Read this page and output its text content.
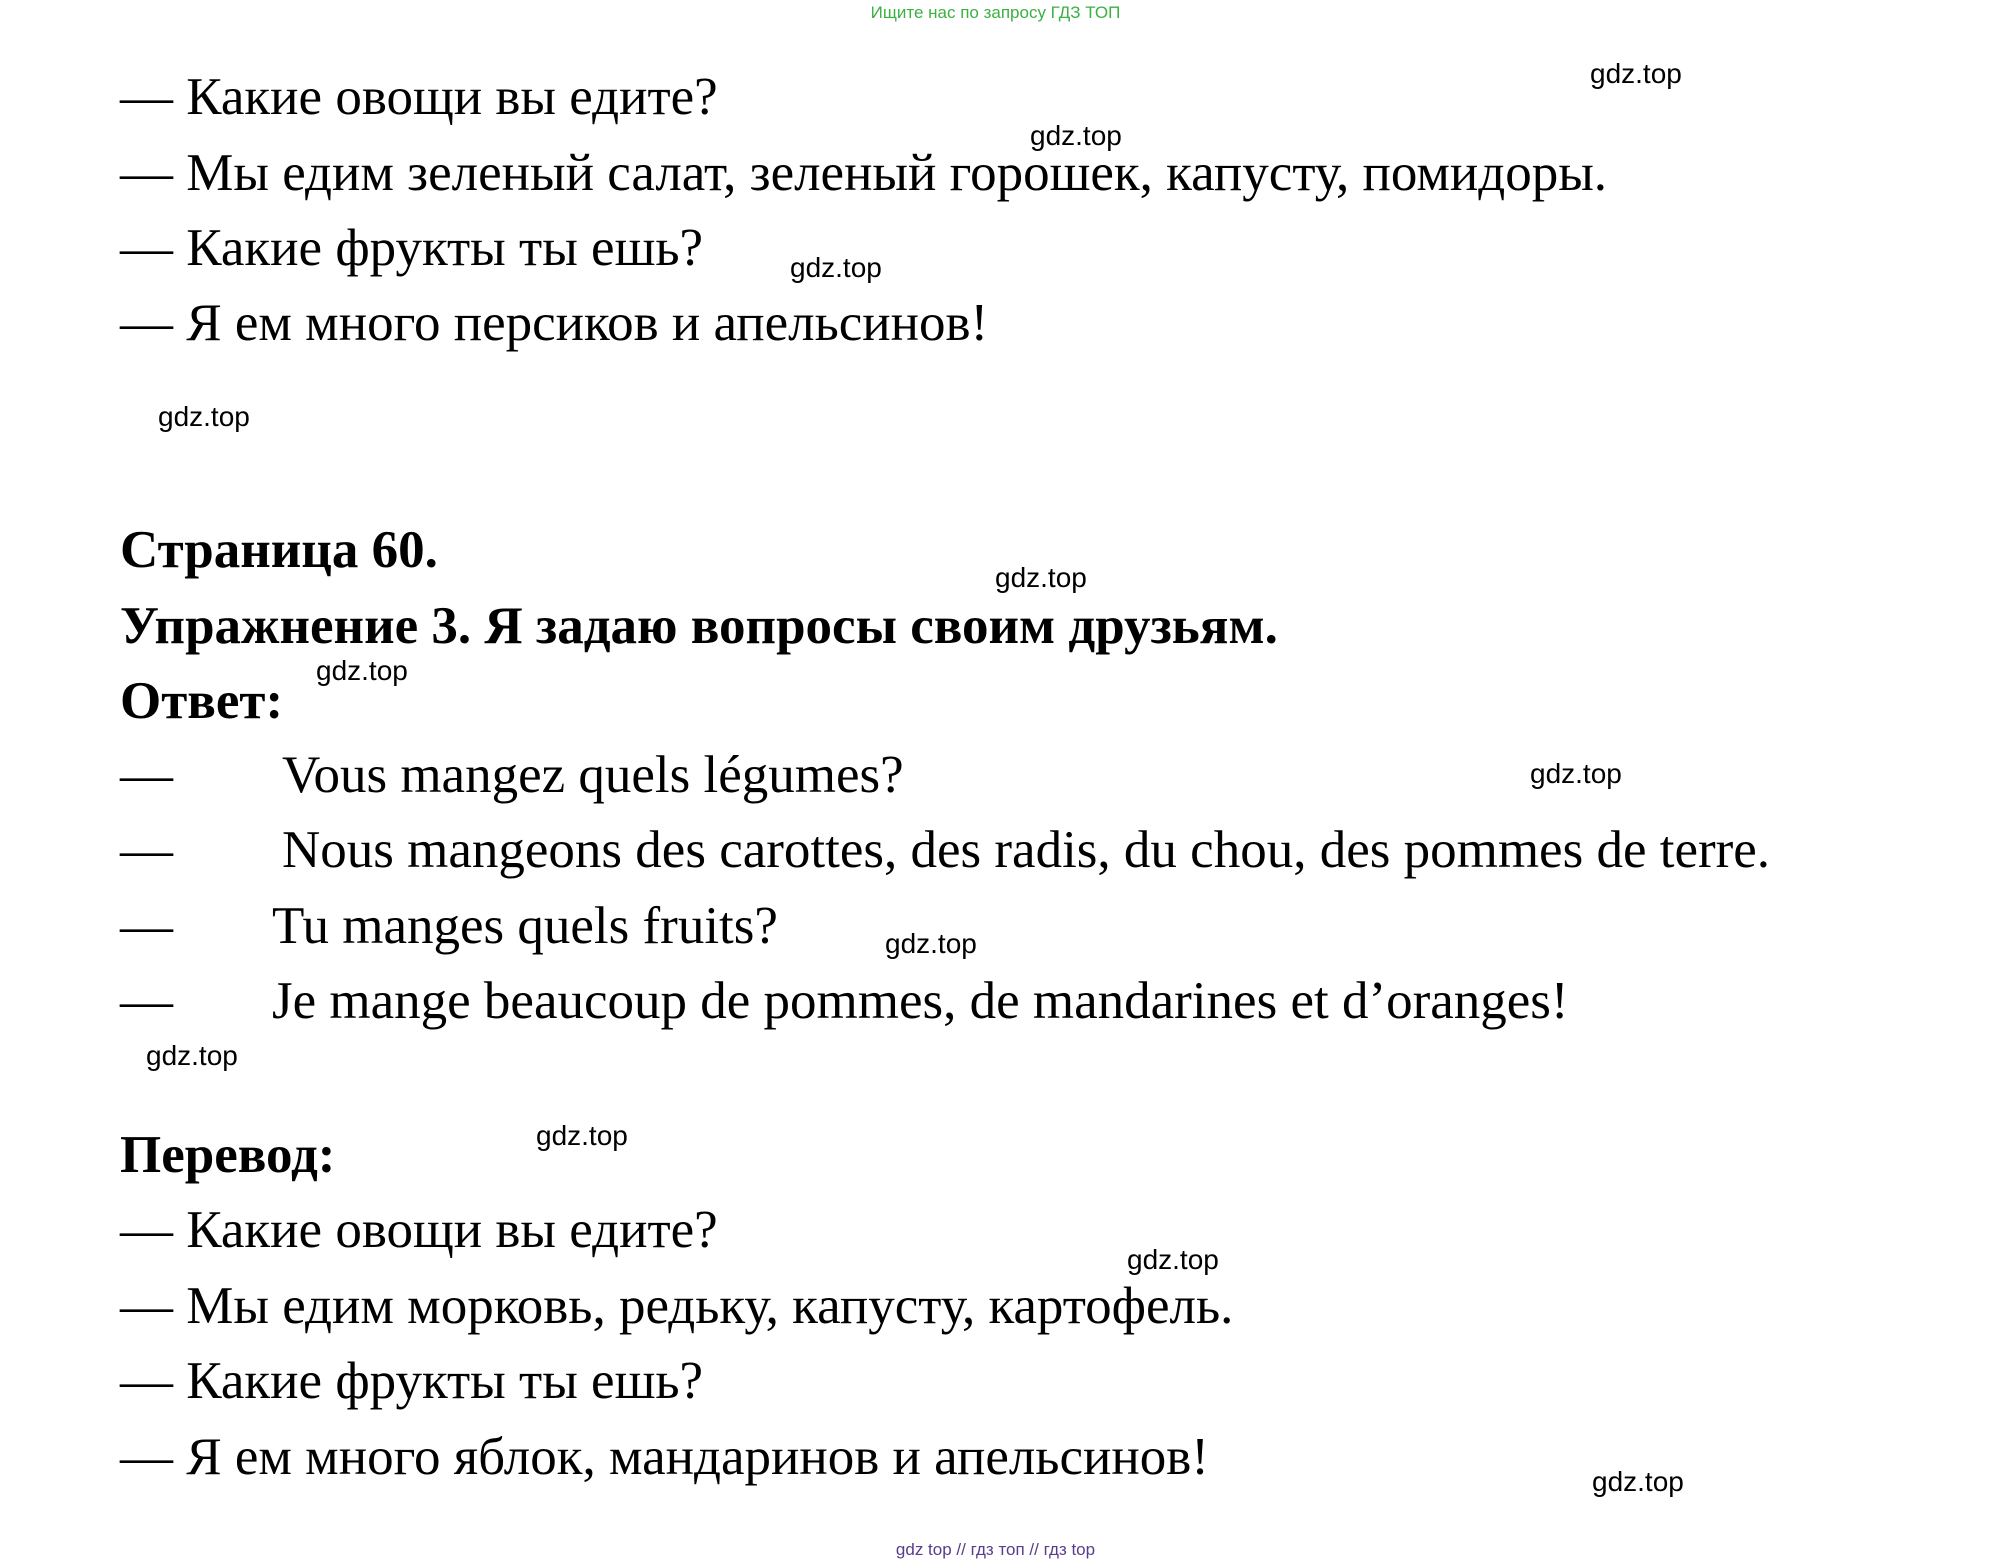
Ищите нас по запросу ГДЗ ТОП
— Какие овощи вы едите?
— Мы едим зеленый салат, зеленый горошек, капусту, помидоры.
— Какие фрукты ты ешь?
— Я ем много персиков и апельсинов!
Страница 60.
Упражнение 3. Я задаю вопросы своим друзьям.
Ответ:
— Vous mangez quels légumes?
— Nous mangeons des carottes, des radis, du chou, des pommes de terre.
— Tu manges quels fruits?
— Je mange beaucoup de pommes, de mandarines et d’oranges!
Перевод:
— Какие овощи вы едите?
— Мы едим морковь, редьку, капусту, картофель.
— Какие фрукты ты ешь?
— Я ем много яблок, мандаринов и апельсинов!
gdz.top
gdz.top
gdz.top
gdz.top
gdz.top
gdz.top
gdz.top
gdz.top
gdz.top
gdz.top
gdz.top
gdz.top
gdz top // гдз топ // гдз top
